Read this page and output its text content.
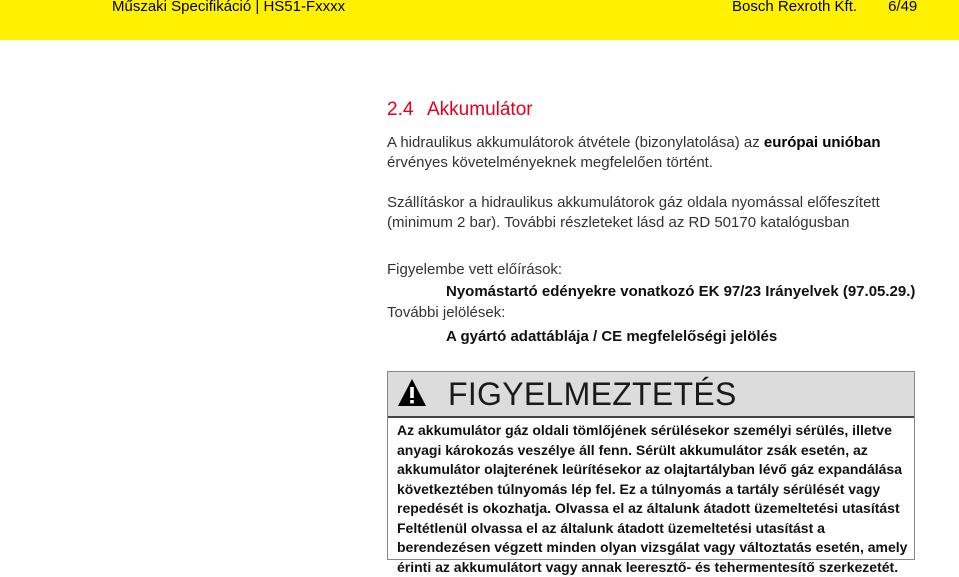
Műszaki Specifikáció | HS51-Fxxxx	Bosch Rexroth Kft. 6/49
2.4 Akkumulátor

A hidraulikus akkumulátorok átvétele (bizonylatolása) az európai unióban érvényes követelményeknek megfelelően történt.

Szállításkor a hidraulikus akkumulátorok gáz oldala nyomással előfeszített (minimum 2 bar). További részleteket lásd az RD 50170 katalógusban

Figyelembe vett előírások:

Nyomástartó edényekre vonatkozó EK 97/23 Irányelvek (97.05.29.)

További jelölések:

A gyártó adattáblája / CE megfelelőségi jelölés

FIGYELMEZTETÉS

Az akkumulátor gáz oldali tömlőjének sérülésekor személyi sérülés, illetve anyagi károkozás veszélye áll fenn. Sérült akkumulátor zsák esetén, az akkumulátor olajterének leürítésekor az olajtartályban lévő gáz expandálása következtében túlnyomás lép fel. Ez a túlnyomás a tartály sérülését vagy repedését is okozhatja. Olvassa el az általunk átadott üzemeltetési utasítást Feltétlenül olvassa el az általunk átadott üzemeltetési utasítást a berendezésen végzett minden olyan vizsgálat vagy változtatás esetén, amely érinti az akkumulátort vagy annak leeresztő- és tehermentesítő szerkezetét.
